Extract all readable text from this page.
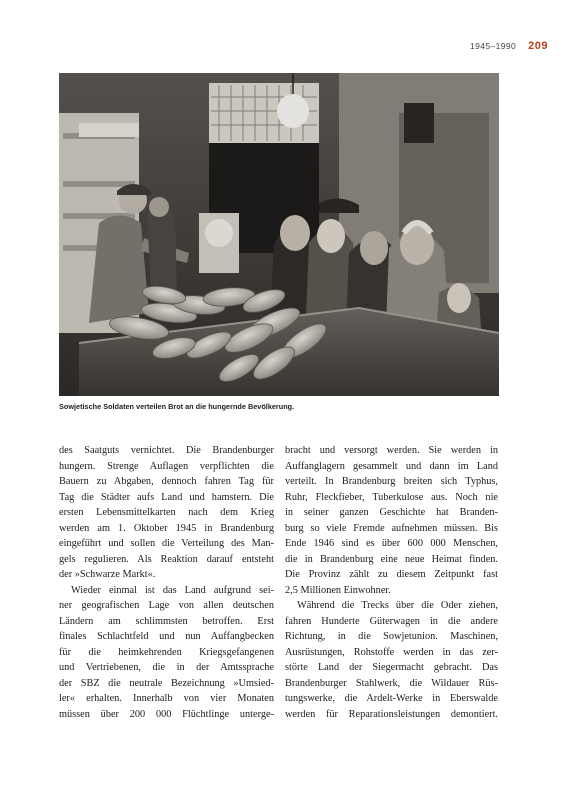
1945–1990 209
Sowjetische Soldaten verteilen Brot an die hungernde Bevölkerung.
des Saatguts vernichtet. Die Brandenburger
hungern. Strenge Auflagen verpflichten die
Bauern zu Abgaben, dennoch fahren Tag für
Tag die Städter aufs Land und hamstern. Die
ersten Lebensmittelkarten nach dem Krieg
werden am 1. Oktober 1945 in Brandenburg
eingeführt und sollen die Verteilung des Man-
gels regulieren. Als Reaktion darauf entsteht
der »Schwarze Markt«.
Wieder einmal ist das Land aufgrund sei-
ner geografischen Lage von allen deutschen
Ländern am schlimmsten betroffen. Erst
finales Schlachtfeld und nun Auffangbecken
für die heimkehrenden Kriegsgefangenen
und Vertriebenen, die in der Amtssprache
der SBZ die neutrale Bezeichnung »Umsied-
ler« erhalten. Innerhalb von vier Monaten
müssen über 200 000 Flüchtlinge unterge-
bracht und versorgt werden. Sie werden in
Auffanglagern gesammelt und dann im Land
verteilt. In Brandenburg breiten sich Typhus,
Ruhr, Fleckfieber, Tuberkulose aus. Noch nie
in seiner ganzen Geschichte hat Branden-
burg so viele Fremde aufnehmen müssen. Bis
Ende 1946 sind es über 600 000 Menschen,
die in Brandenburg eine neue Heimat finden.
Die Provinz zählt zu diesem Zeitpunkt fast
2,5 Millionen Einwohner.
Während die Trecks über die Oder ziehen,
fahren Hunderte Güterwagen in die andere
Richtung, in die Sowjetunion. Maschinen,
Ausrüstungen, Rohstoffe werden in das zer-
störte Land der Siegermacht gebracht. Das
Brandenburger Stahlwerk, die Wildauer Rüs-
tungswerke, die Ardelt-Werke in Eberswalde
werden für Reparationsleistungen demontiert.
